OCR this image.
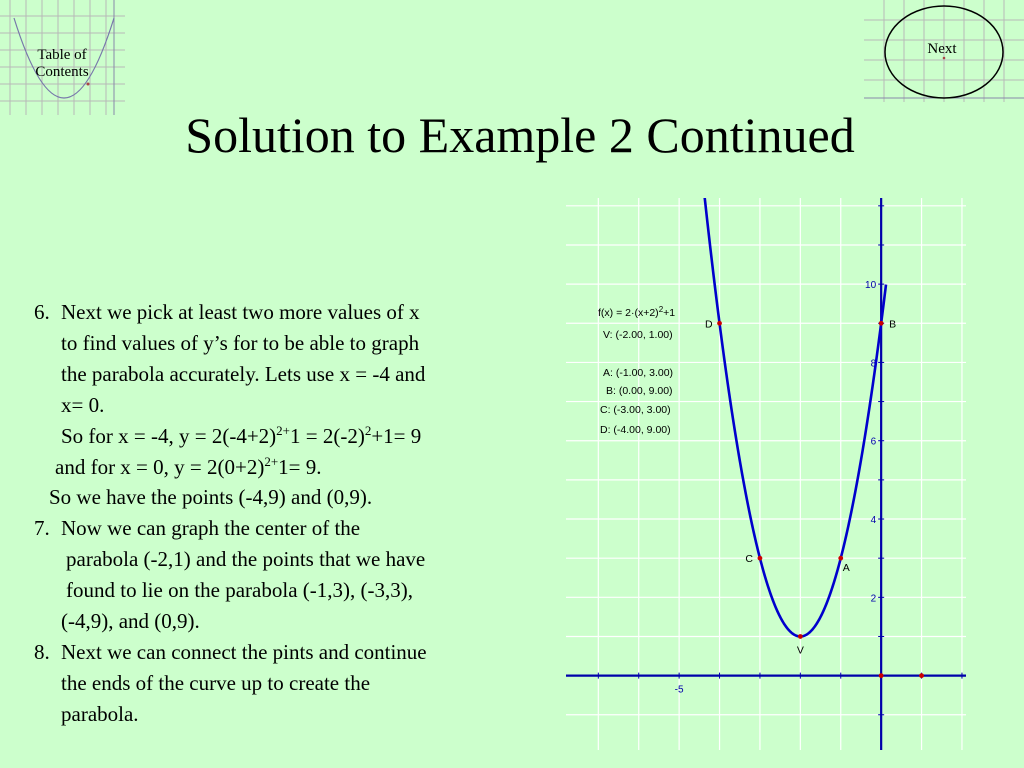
Table of
Contents
Next
Solution to Example 2 Continued
6. Next we pick at least two more values of x
to find values of y’s for to be able to graph
the parabola accurately. Lets use x = -4 and
x= 0.
So for x = -4, $y = 2(-4+2)^{2+}1 = 2(-2)^2+1= 9$
and for x = 0, $y = 2(0+2)^{2+}1= 9$.
So we have the points (-4,9) and (0,9).
7. Now we can graph the center of the
parabola (-2,1) and the points that we have
found to lie on the parabola (-1,3), (-3,3),
(-4,9), and (0,9).
8. Next we can connect the pints and continue
the ends of the curve up to create the
parabola.
-5
2
4
6
8
10
D	B
C
A
V
$f(x) = 2\cdot(x+2)^2+1$
V: (-2.00, 1.00)
A: (-1.00, 3.00)
B: (0.00, 9.00)
C: (-3.00, 3.00)
D: (-4.00, 9.00)
